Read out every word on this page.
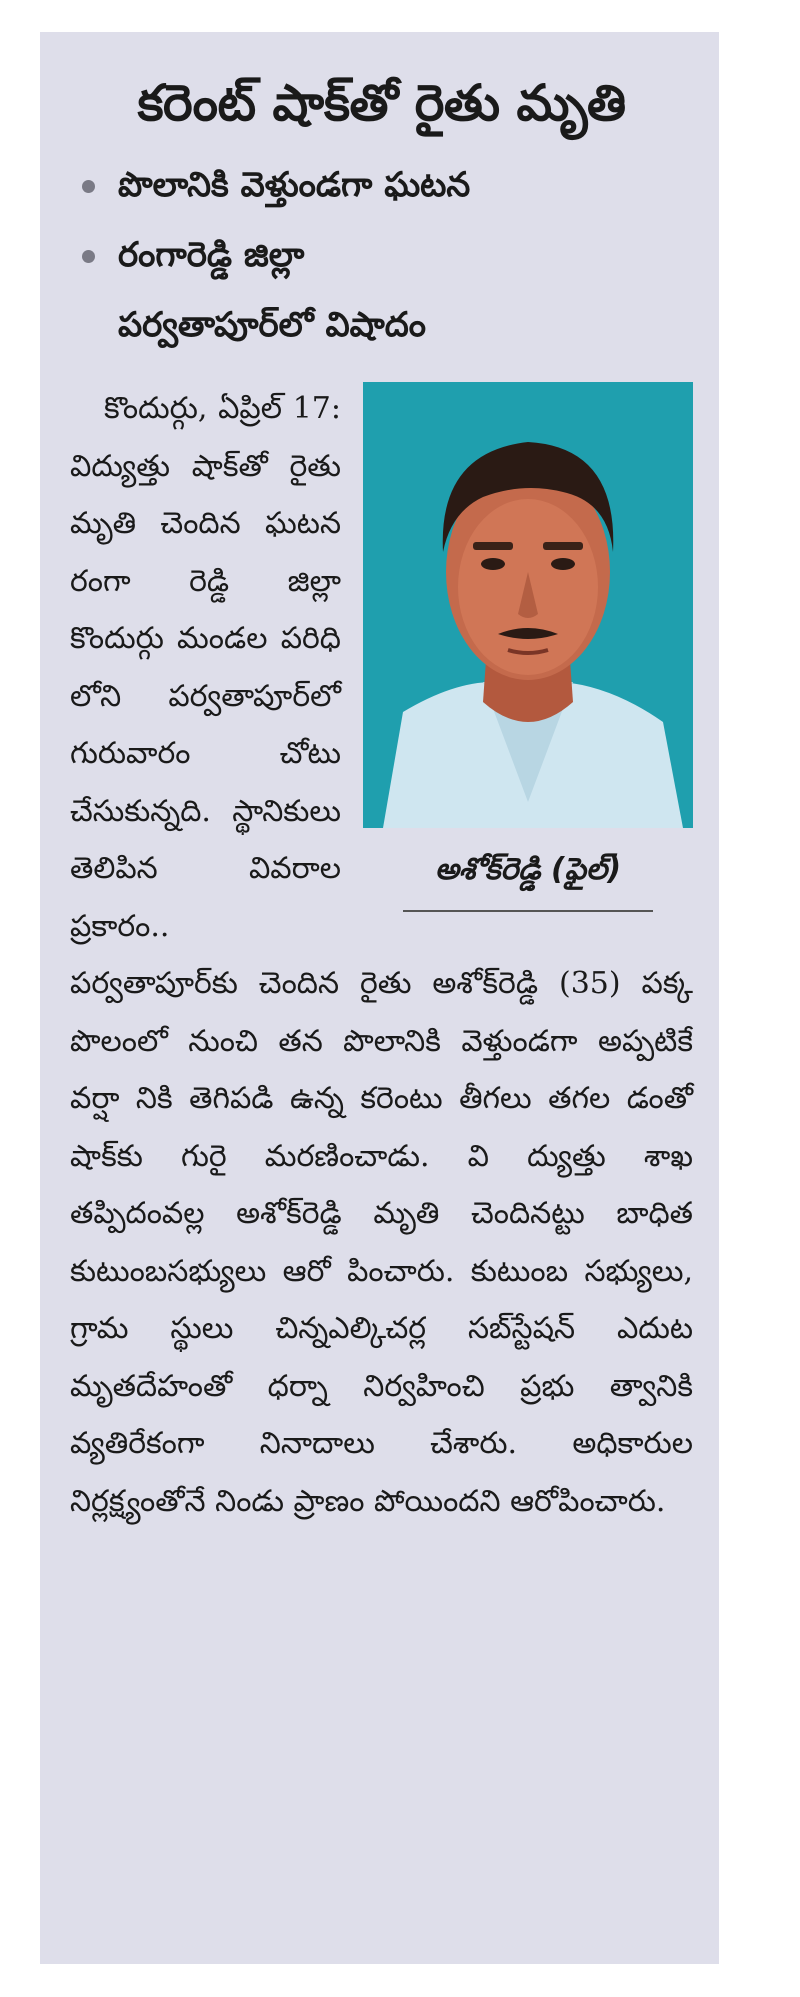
కరెంట్ షాక్‌తో రైతు మృతి
పొలానికి వెళ్తుండగా ఘటన
రంగారెడ్డి జిల్లా
పర్వతాపూర్‌లో విషాదం
అశోక్‌రెడ్డి (ఫైల్)

కొందుర్గు, ఏప్రిల్ 17: విద్యుత్తు షాక్‌తో రైతు మృతి చెందిన ఘటన రంగా రెడ్డి జిల్లా కొందుర్గు మండల పరిధి లోని పర్వతాపూర్‌లో గురువారం చోటు చేసుకున్నది. స్థానికులు తెలిపిన వివరాల ప్రకారం.. పర్వతాపూర్‌కు చెందిన రైతు అశోక్‌రెడ్డి (35) పక్క పొలంలో నుంచి తన పొలానికి వెళ్తుండగా అప్పటికే వర్షా నికి తెగిపడి ఉన్న కరెంటు తీగలు తగల డంతో షాక్‌కు గురై మరణించాడు. వి ద్యుత్తు శాఖ తప్పిదంవల్ల అశోక్‌రెడ్డి మృతి చెందినట్టు బాధిత కుటుంబసభ్యులు ఆరో పించారు. కుటుంబ సభ్యులు, గ్రామ స్థులు చిన్నఎల్కిచర్ల సబ్‌స్టేషన్ ఎదుట మృతదేహంతో ధర్నా నిర్వహించి ప్రభు త్వానికి వ్యతిరేకంగా నినాదాలు చేశారు. అధికారుల నిర్లక్ష్యంతోనే నిండు ప్రాణం పోయిందని ఆరోపించారు.
